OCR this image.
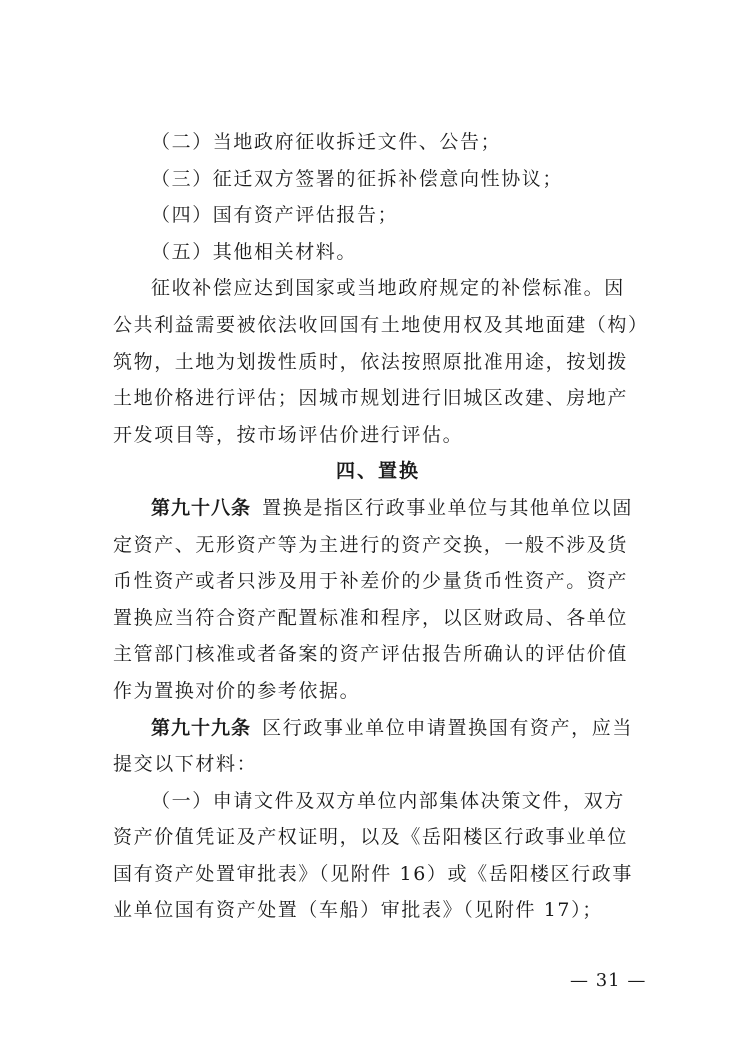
（二）当地政府征收拆迁文件、公告；

（三）征迁双方签署的征拆补偿意向性协议；

（四）国有资产评估报告；

（五）其他相关材料。

征收补偿应达到国家或当地政府规定的补偿标准。因公共利益需要被依法收回国有土地使用权及其地面建（构）筑物，土地为划拨性质时，依法按照原批准用途，按划拨土地价格进行评估；因城市规划进行旧城区改建、房地产开发项目等，按市场评估价进行评估。

四、置换

第九十八条  置换是指区行政事业单位与其他单位以固定资产、无形资产等为主进行的资产交换，一般不涉及货币性资产或者只涉及用于补差价的少量货币性资产。资产置换应当符合资产配置标准和程序，以区财政局、各单位主管部门核准或者备案的资产评估报告所确认的评估价值作为置换对价的参考依据。

第九十九条  区行政事业单位申请置换国有资产，应当提交以下材料：

（一）申请文件及双方单位内部集体决策文件，双方资产价值凭证及产权证明，以及《岳阳楼区行政事业单位国有资产处置审批表》（见附件 16）或《岳阳楼区行政事业单位国有资产处置（车船）审批表》（见附件 17）；

— 31 —
